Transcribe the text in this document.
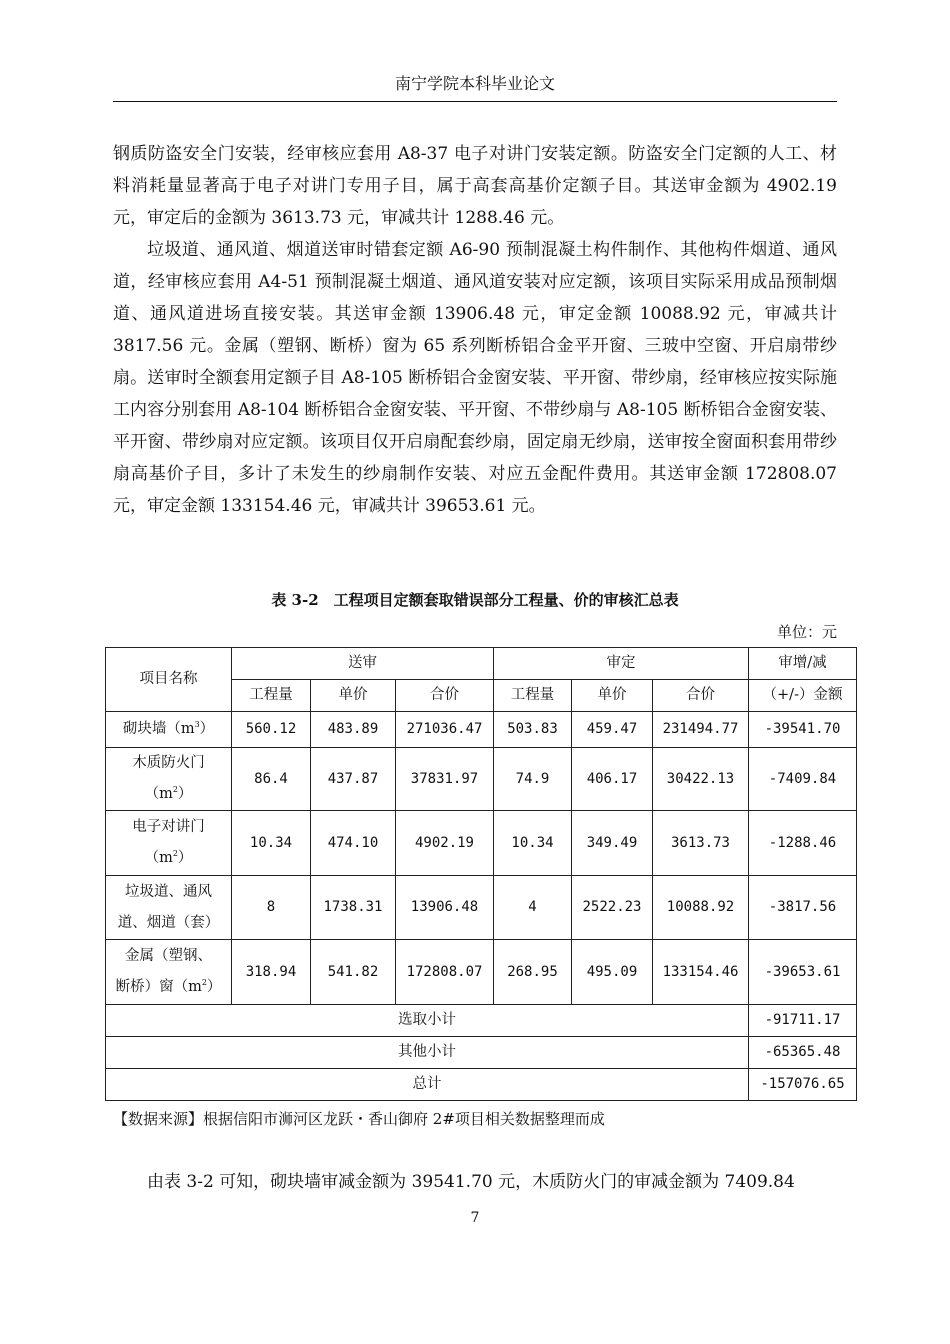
南宁学院本科毕业论文

钢质防盗安全门安装，经审核应套用 A8-37 电子对讲门安装定额。防盗安全门定额的人工、材料消耗量显著高于电子对讲门专用子目，属于高套高基价定额子目。其送审金额为 4902.19 元，审定后的金额为 3613.73 元，审减共计 1288.46 元。

垃圾道、通风道、烟道送审时错套定额 A6-90 预制混凝土构件制作、其他构件烟道、通风道，经审核应套用 A4-51 预制混凝土烟道、通风道安装对应定额，该项目实际采用成品预制烟道、通风道进场直接安装。其送审金额 13906.48 元，审定金额 10088.92 元，审减共计 3817.56 元。金属（塑钢、断桥）窗为 65 系列断桥铝合金平开窗、三玻中空窗、开启扇带纱扇。送审时全额套用定额子目 A8-105 断桥铝合金窗安装、平开窗、带纱扇，经审核应按实际施工内容分别套用 A8-104 断桥铝合金窗安装、平开窗、不带纱扇与 A8-105 断桥铝合金窗安装、平开窗、带纱扇对应定额。该项目仅开启扇配套纱扇，固定扇无纱扇，送审按全窗面积套用带纱扇高基价子目，多计了未发生的纱扇制作安装、对应五金配件费用。其送审金额 172808.07 元，审定金额 133154.46 元，审减共计 39653.61 元。

表 3-2　工程项目定额套取错误部分工程量、价的审核汇总表
单位：元
项目名称	送审			审定			审增/减
	工程量	单价	合价	工程量	单价	合价	（+/-）金额
砌块墙$(m^3)$	560.12	483.89	271036.47	503.83	459.47	231494.77	-39541.70

木质防火门
$(m^2)$	86.4	437.87	37831.97	74.9	406.17	30422.13	-7409.84

电子对讲门
$(m^2)$	10.34	474.10	4902.19	10.34	349.49	3613.73	-1288.46

垃圾道、通风
道、烟道（套）	8	1738.31	13906.48	4	2522.23	10088.92	-3817.56

金属（塑钢、
断桥）窗$(m^2)$	318.94	541.82	172808.07	268.95	495.09	133154.46	-39653.61
选取小计							-91711.17
其他小计							-65365.48
总计							-157076.65
【数据来源】根据信阳市浉河区龙跃・香山御府 2#项目相关数据整理而成

由表 3-2 可知，砌块墙审减金额为 39541.70 元，木质防火门的审减金额为 7409.84

7
